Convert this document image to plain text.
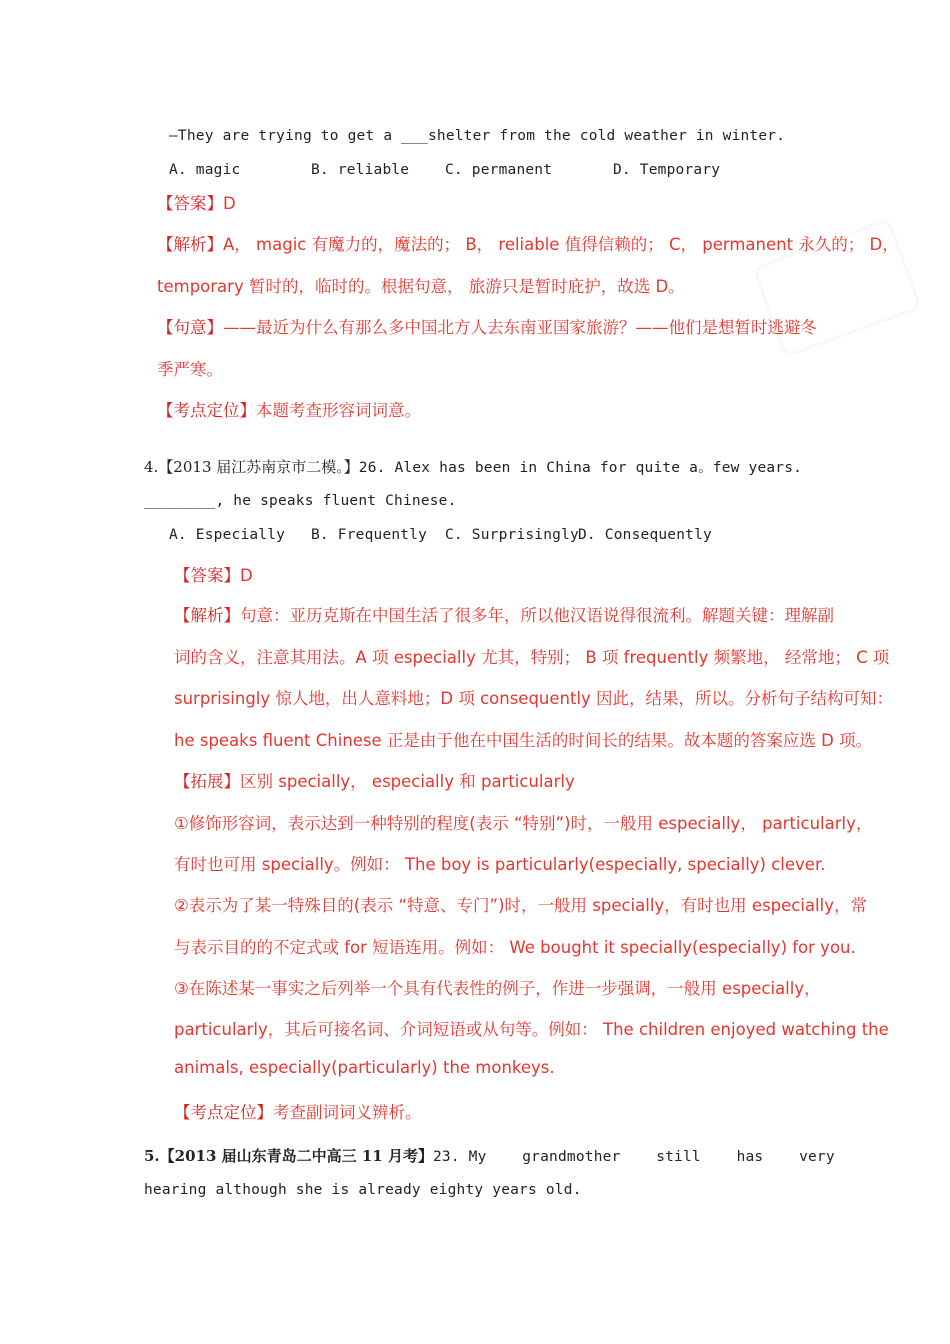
—They are trying to get a ___shelter from the cold weather in winter.
A. magic	B. reliable C. permanent	D. Temporary
【答案】D
【解析】A， magic 有魔力的，魔法的； B， reliable 值得信赖的； C， permanent 永久的； D，
temporary 暂时的，临时的。根据句意， 旅游只是暂时庇护，故选 D。
【句意】——最近为什么有那么多中国北方人去东南亚国家旅游？——他们是想暂时逃避冬
季严寒。
【考点定位】本题考查形容词词意。
4.【2013 届江苏南京市二模。】26. Alex has been in China for quite a。few years.
________, he speaks fluent Chinese.
A. Especially B. Frequently C. SurprisinglyD. Consequently
【答案】D
【解析】句意：亚历克斯在中国生活了很多年，所以他汉语说得很流利。解题关键：理解副
词的含义，注意其用法。A 项 especially 尤其，特别； B 项 frequently 频繁地， 经常地； C 项
surprisingly 惊人地，出人意料地；D 项 consequently 因此，结果，所以。分析句子结构可知：
he speaks fluent Chinese 正是由于他在中国生活的时间长的结果。故本题的答案应选 D 项。
【拓展】区别 specially， especially 和 particularly
①修饰形容词，表示达到一种特别的程度(表示 “特别”)时，一般用 especially， particularly，
有时也可用 specially。例如： The boy is particularly(especially, specially) clever.
②表示为了某一特殊目的(表示 “特意、专门”)时，一般用 specially，有时也用 especially，常
与表示目的的不定式或 for 短语连用。例如： We bought it specially(especially) for you.
③在陈述某一事实之后列举一个具有代表性的例子，作进一步强调，一般用 especially，
particularly，其后可接名词、介词短语或从句等。例如： The children enjoyed watching the
animals, especially(particularly) the monkeys.
【考点定位】考查副词词义辨析。
5.【2013 届山东青岛二中高三 11 月考】23. My    grandmother    still    has    very
hearing although she is already eighty years old.
